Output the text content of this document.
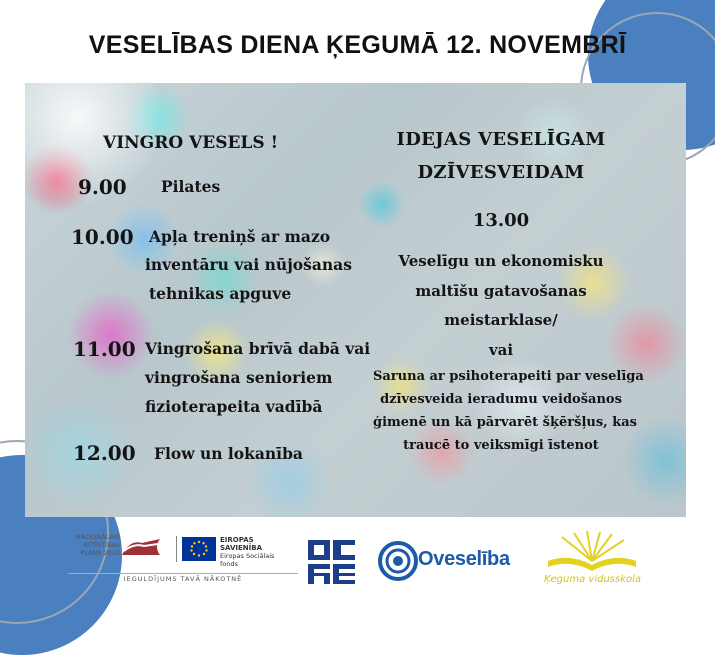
VESELĪBAS DIENA ĶEGUMĀ 12. NOVEMBRĪ
VINGRO VESELS !
9.00 Pilates
10.00 Apļa treniņš ar mazo
inventāru vai nūjošanas
tehnikas apguve
11.00 Vingrošana brīvā dabā vai
vingrošana senioriem
fizioterapeita vadībā
12.00 Flow un lokanība
IDEJAS VESELĪGAM
DZĪVESVEIDAM
13.00
Veselīgu un ekonomisku
maltīšu gatavošanas
meistarklase/
vai
Saruna ar psihoterapeiti par veselīga
dzīvesveida ieradumu veidošanos
ģimenē un kā pārvarēt šķēršļus, kas
traucē to veiksmīgi īstenot
NACIONĀLAIS
ATTĪSTĪBAS
PLĀNS 2020
EIROPAS SAVIENĪBA
Eiropas Sociālais
fonds
IEGULDĪJUMS TAVĀ NĀKOTNĒ
Oveselība
Ķeguma vidusskola
